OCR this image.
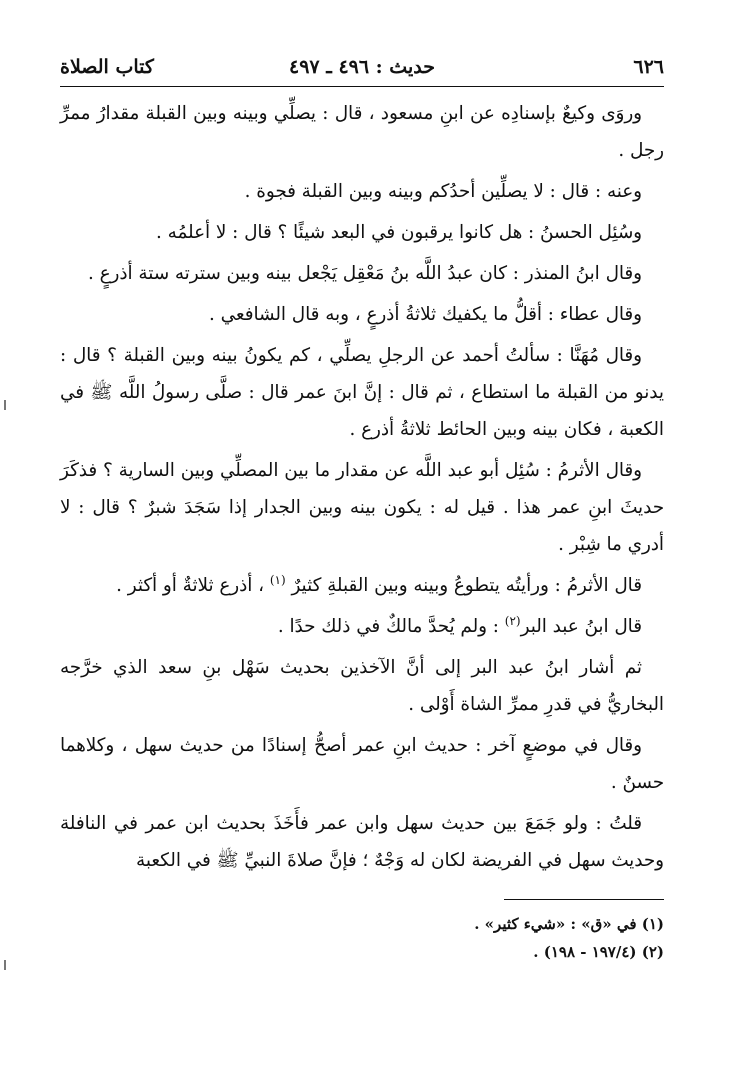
٦٢٦
حديث : ٤٩٦ ـ ٤٩٧
كتاب الصلاة

وروَى وكيعٌ بإسنادِه عن ابنِ مسعود ، قال : يصلِّي وبينه وبين القبلة مقدارُ ممرِّ رجل .

وعنه : قال : لا يصلِّين أحدُكم وبينه وبين القبلة فجوة .

وسُئِل الحسنُ : هل كانوا يرقبون في البعد شيئًا ؟ قال : لا أعلمُه .

وقال ابنُ المنذر : كان عبدُ اللَّه بنُ مَعْقِل يَجْعل بينه وبين سترته ستة أذرعٍ .

وقال عطاء : أقلُّ ما يكفيك ثلاثةُ أذرعٍ ، وبه قال الشافعي .

وقال مُهَنَّا : سألتُ أحمد عن الرجلِ يصلِّي ، كم يكونُ بينه وبين القبلة ؟ قال : يدنو من القبلة ما استطاع ، ثم قال : إنَّ ابنَ عمر قال : صلَّى رسولُ اللَّه ﷺ في الكعبة ، فكان بينه وبين الحائط ثلاثةُ أذرع .

وقال الأثرمُ : سُئِل أبو عبد اللَّه عن مقدار ما بين المصلِّي وبين السارية ؟ فذكَرَ حديثَ ابنِ عمر هذا . قيل له : يكون بينه وبين الجدار إذا سَجَدَ شبرٌ ؟ قال : لا أدري ما شِبْر .

قال الأثرمُ : ورأيتُه يتطوعُ وبينه وبين القبلةِ كثيرٌ $^{(١)}$ ، أذرع ثلاثةٌ أو أكثر .

قال ابنُ عبد البر$^{(٢)}$ : ولم يُحدَّ مالكٌ في ذلك حدًا .

ثم أشار ابنُ عبد البر إلى أنَّ الآخذين بحديث سَهْل بنِ سعد الذي خرَّجه البخاريُّ في قدرِ ممرِّ الشاة أَوْلى .

وقال في موضعٍ آخر : حديث ابنِ عمر أصحُّ إسنادًا من حديث سهل ، وكلاهما حسنٌ .

قلتُ : ولو جَمَعَ بين حديث سهل وابن عمر فأَخَذَ بحديث ابن عمر في النافلة وحديث سهل في الفريضة لكان له وَجْهٌ ؛ فإنَّ صلاةَ النبيِّ ﷺ في الكعبة

(١) في «ق» : «شيء كثير» .
(٢) (١٩٧/٤ - ١٩٨) .
